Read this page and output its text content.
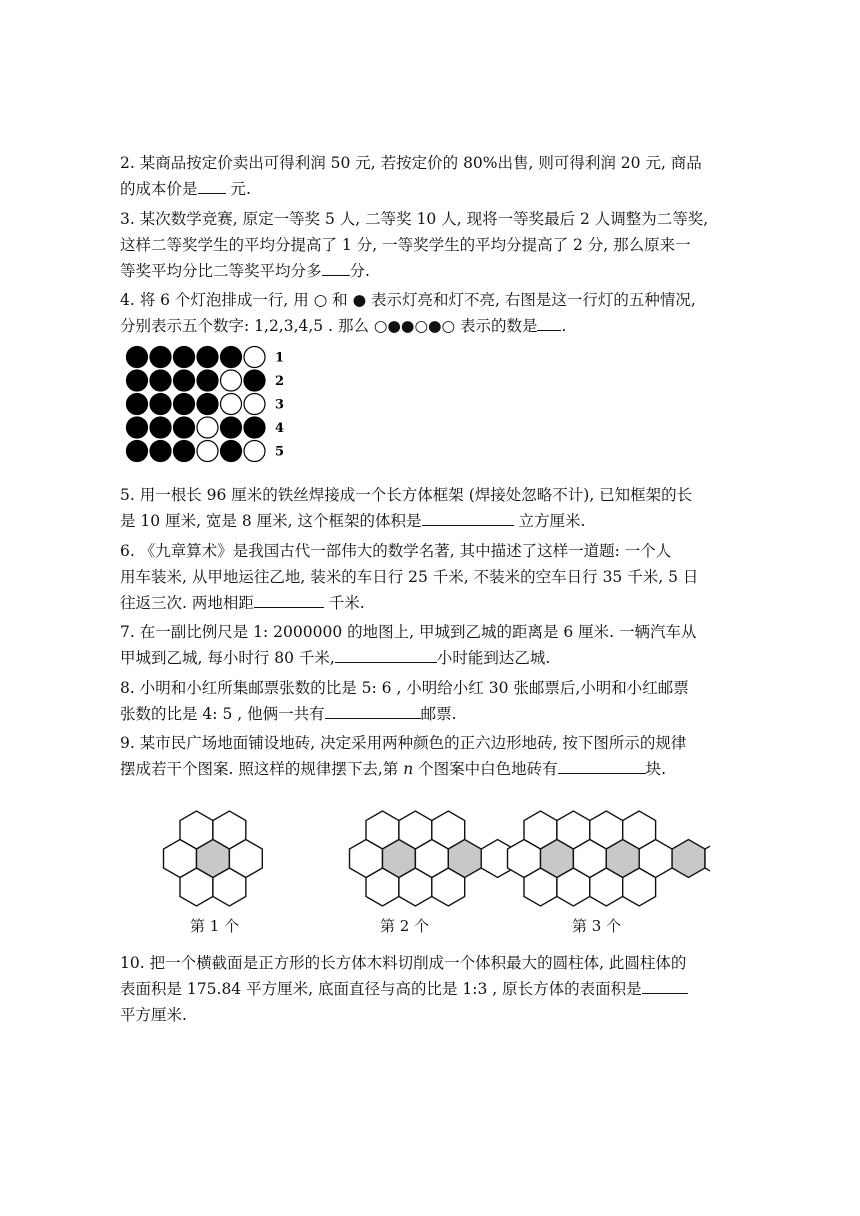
2. 某商品按定价卖出可得利润 50 元, 若按定价的 80%出售, 则可得利润 20 元, 商品

的成本价是 元.

3. 某次数学竞赛, 原定一等奖 5 人, 二等奖 10 人, 现将一等奖最后 2 人调整为二等奖,

这样二等奖学生的平均分提高了 1 分, 一等奖学生的平均分提高了 2 分, 那么原来一

等奖平均分比二等奖平均分多 分.

4. 将 6 个灯泡排成一行, 用 ○ 和 ● 表示灯亮和灯不亮, 右图是这一行灯的五种情况,

分别表示五个数字: 1,2,3,4,5 . 那么 ○●●○●○ 表示的数是 .

1
2
3
4
5

5. 用一根长 96 厘米的铁丝焊接成一个长方体框架 (焊接处忽略不计), 已知框架的长

是 10 厘米, 宽是 8 厘米, 这个框架的体积是	立方厘米.

6. 《九章算术》是我国古代一部伟大的数学名著, 其中描述了这样一道题: 一个人

用车装米, 从甲地运往乙地, 装米的车日行 25 千米, 不装米的空车日行 35 千米, 5 日

往返三次. 两地相距	千米.

7. 在一副比例尺是 1: 2000000 的地图上, 甲城到乙城的距离是 6 厘米. 一辆汽车从

甲城到乙城, 每小时行 80 千米,	小时能到达乙城.

8. 小明和小红所集邮票张数的比是 5: 6 , 小明给小红 30 张邮票后,小明和小红邮票

张数的比是 4: 5 , 他俩一共有	邮票.

9. 某市民广场地面铺设地砖, 决定采用两种颜色的正六边形地砖, 按下图所示的规律

摆成若干个图案. 照这样的规律摆下去,第 n 个图案中白色地砖有	块.

第 1 个	第 2 个	第 3 个

10. 把一个横截面是正方形的长方体木料切削成一个体积最大的圆柱体, 此圆柱体的

表面积是 175.84 平方厘米, 底面直径与高的比是 1:3 , 原长方体的表面积是

平方厘米.
